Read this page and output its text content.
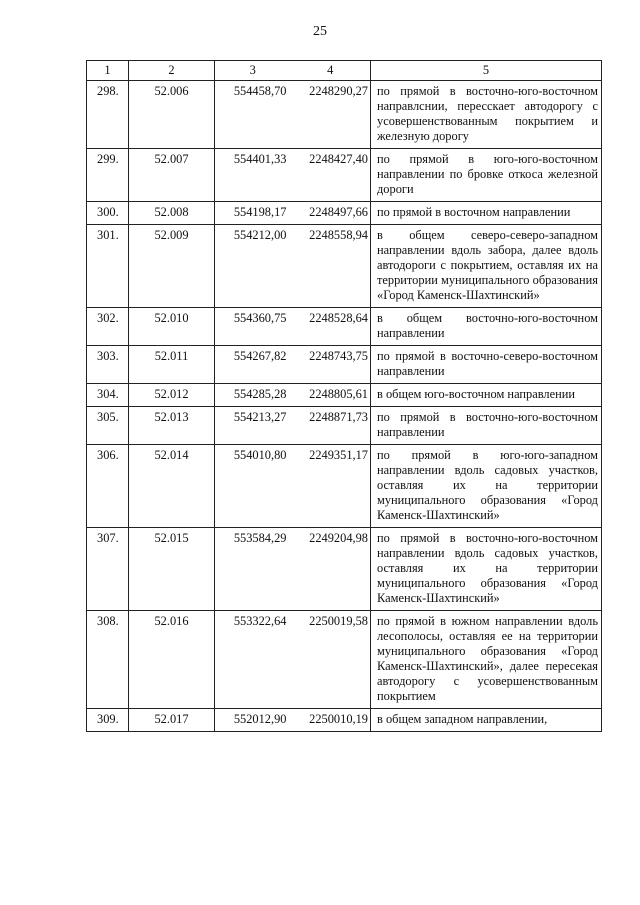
25
1	2	3	4	5
298.	52.006	554458,70	2248290,27	по прямой в восточно-юго-восточном направлснии, пересскает автодорогу с усовершенствованным покрытием и железную дорогу
299.	52.007	554401,33	2248427,40	по прямой в юго-юго-восточном направлении по бровке откоса железной дороги
300.	52.008	554198,17	2248497,66	по прямой в восточном направлении
301.	52.009	554212,00	2248558,94	в общем северо-северо-западном направлении вдоль забора, далее вдоль автодороги с покрытием, оставляя их на территории муниципального образования «Город Каменск-Шахтинский»
302.	52.010	554360,75	2248528,64	в общем восточно-юго-восточном направлении
303.	52.011	554267,82	2248743,75	по прямой в восточно-северо-восточном направлении
304.	52.012	554285,28	2248805,61	в общем юго-восточном направлении
305.	52.013	554213,27	2248871,73	по прямой в восточно-юго-восточном направлении
306.	52.014	554010,80	2249351,17	по прямой в юго-юго-западном направлении вдоль садовых участков, оставляя их на территории муниципального образования «Город Каменск-Шахтинский»
307.	52.015	553584,29	2249204,98	по прямой в восточно-юго-восточном направлении вдоль садовых участков, оставляя их на территории муниципального образования «Город Каменск-Шахтинский»
308.	52.016	553322,64	2250019,58	по прямой в южном направлении вдоль лесополосы, оставляя ее на территории муниципального образования «Город Каменск-Шахтинский», далее пересекая автодорогу с усовершенствованным покрытием
309.	52.017	552012,90	2250010,19	в общем западном направлении,
